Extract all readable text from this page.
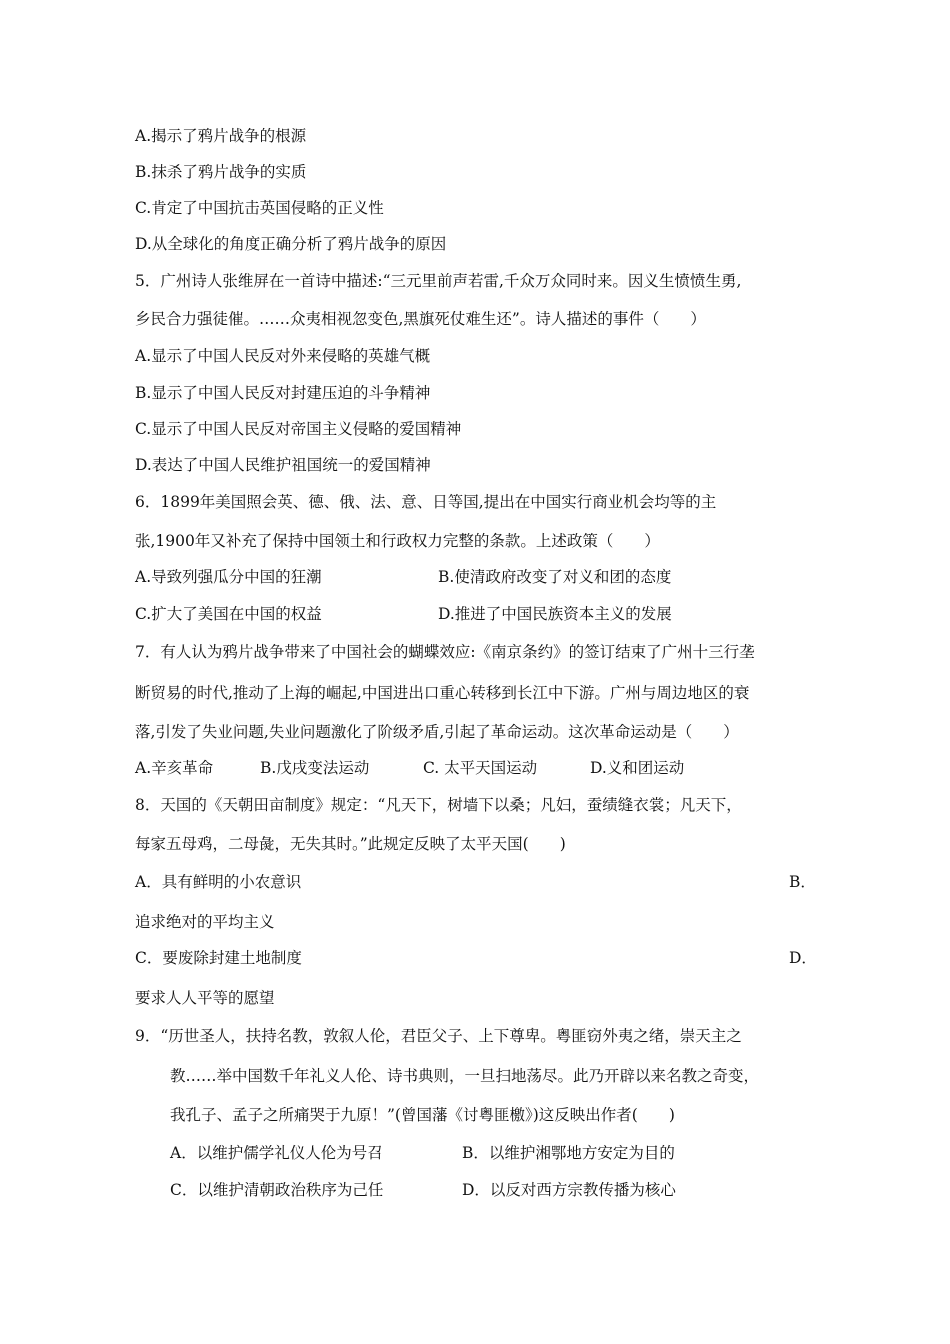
A.揭示了鸦片战争的根源
B.抹杀了鸦片战争的实质
C.肯定了中国抗击英国侵略的正义性
D.从全球化的角度正确分析了鸦片战争的原因
5．广州诗人张维屏在一首诗中描述:“三元里前声若雷,千众万众同时来。因义生愤愤生勇,
乡民合力强徒催。……众夷相视忽变色,黑旗死仗难生还”。诗人描述的事件（　　）
A.显示了中国人民反对外来侵略的英雄气概
B.显示了中国人民反对封建压迫的斗争精神
C.显示了中国人民反对帝国主义侵略的爱国精神
D.表达了中国人民维护祖国统一的爱国精神
6．1899年美国照会英、德、俄、法、意、日等国,提出在中国实行商业机会均等的主
张,1900年又补充了保持中国领土和行政权力完整的条款。上述政策（　　）
A.导致列强瓜分中国的狂潮	B.使清政府改变了对义和团的态度
C.扩大了美国在中国的权益	D.推进了中国民族资本主义的发展
7．有人认为鸦片战争带来了中国社会的蝴蝶效应:《南京条约》的签订结束了广州十三行垄
断贸易的时代,推动了上海的崛起,中国进出口重心转移到长江中下游。广州与周边地区的衰
落,引发了失业问题,失业问题激化了阶级矛盾,引起了革命运动。这次革命运动是（　　）
A.辛亥革命	B.戊戌变法运动	C. 太平天国运动	D.义和团运动
8．天国的《天朝田亩制度》规定：“凡天下，树墙下以桑；凡妇，蚕绩缝衣裳；凡天下，
每家五母鸡，二母彘，无失其时。”此规定反映了太平天国(　　)
A．具有鲜明的小农意识	B．
追求绝对的平均主义
C．要废除封建土地制度	D．
要求人人平等的愿望
9．“历世圣人，扶持名教，敦叙人伦，君臣父子、上下尊卑。粤匪窃外夷之绪，崇天主之
教……举中国数千年礼义人伦、诗书典则，一旦扫地荡尽。此乃开辟以来名教之奇变，
我孔子、孟子之所痛哭于九原！”(曾国藩《讨粤匪檄》)这反映出作者(　　)
A．以维护儒学礼仪人伦为号召	B．以维护湘鄂地方安定为目的
C．以维护清朝政治秩序为己任	D．以反对西方宗教传播为核心
